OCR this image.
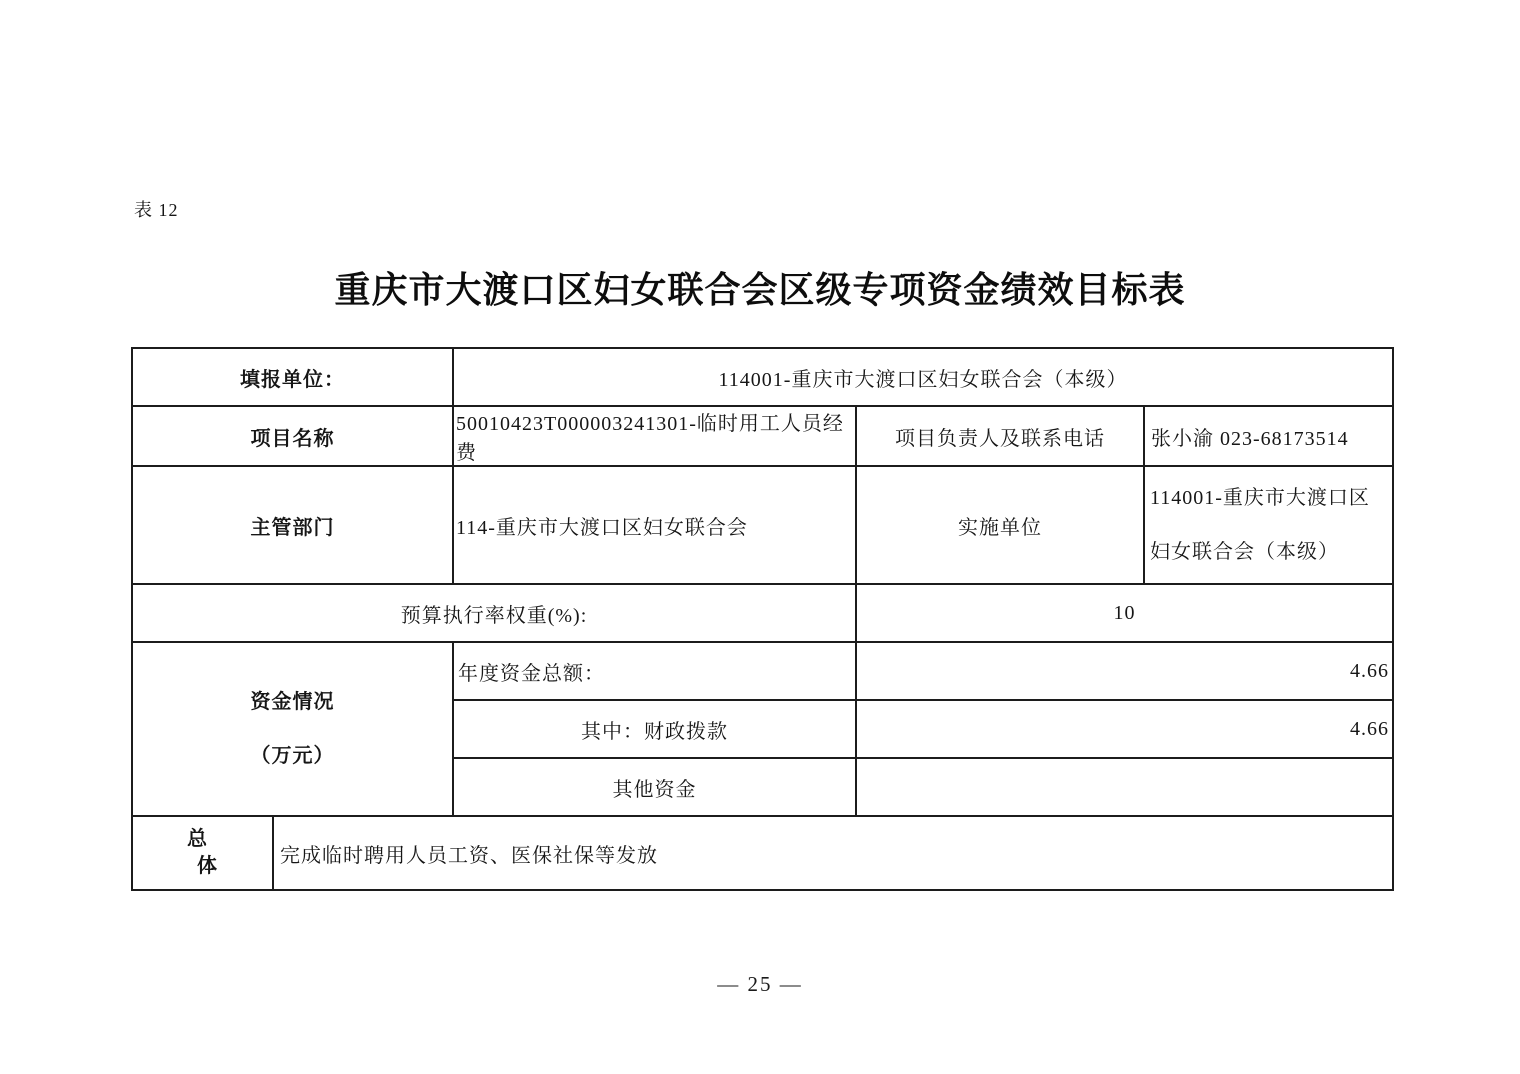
表 12
重庆市大渡口区妇女联合会区级专项资金绩效目标表
填报单位：		114001-重庆市大渡口区妇女联合会（本级）		
项目名称		50010423T000003241301-临时用工人员经费	项目负责人及联系电话	张小渝 023-68173514
主管部门		114-重庆市大渡口区妇女联合会	实施单位	114001-重庆市大渡口区妇女联合会（本级）
预算执行率权重(%):			10	

资金情况
（万元）		年度资金总额：	4.66	
		其中：财政拨款	4.66	
		其他资金		

总
体	完成临时聘用人员工资、医保社保等发放			
— 25 —
